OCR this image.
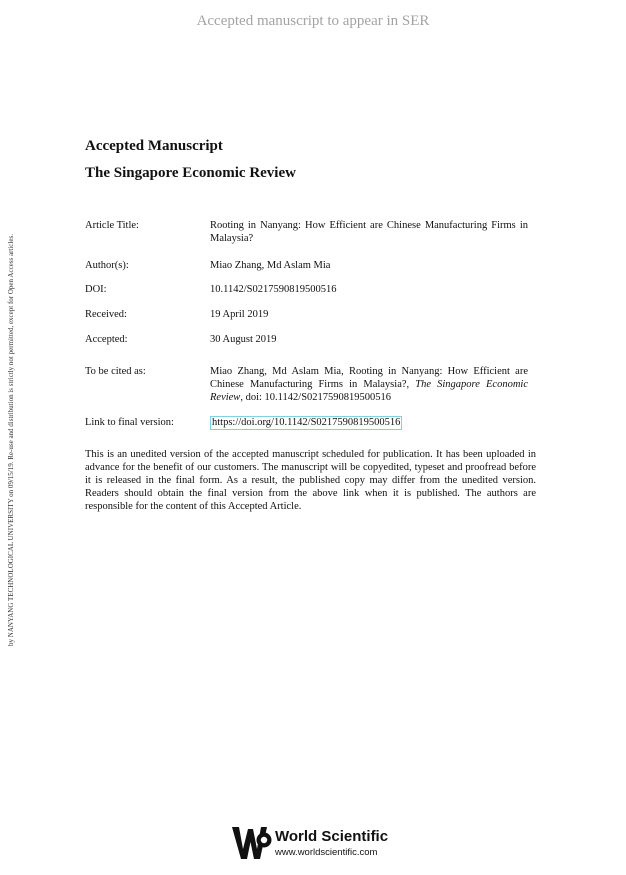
Accepted manuscript to appear in SER
by NANYANG TECHNOLOGICAL UNIVERSITY on 09/15/19. Re-use and distribution is strictly not permitted, except for Open Access articles.
Accepted Manuscript
The Singapore Economic Review
Article Title:	Rooting in Nanyang: How Efficient are Chinese Manufacturing Firms in Malaysia?
Author(s):	Miao Zhang, Md Aslam Mia
DOI:	10.1142/S0217590819500516
Received:	19 April 2019
Accepted:	30 August 2019
To be cited as:	Miao Zhang, Md Aslam Mia, Rooting in Nanyang: How Efficient are Chinese Manufacturing Firms in Malaysia?, The Singapore Economic Review, doi: 10.1142/S0217590819500516
Link to final version:	https://doi.org/10.1142/S0217590819500516
This is an unedited version of the accepted manuscript scheduled for publication. It has been uploaded in advance for the benefit of our customers. The manuscript will be copyedited, typeset and proofread before it is released in the final form. As a result, the published copy may differ from the unedited version. Readers should obtain the final version from the above link when it is published. The authors are responsible for the content of this Accepted Article.
World Scientific
www.worldscientific.com
